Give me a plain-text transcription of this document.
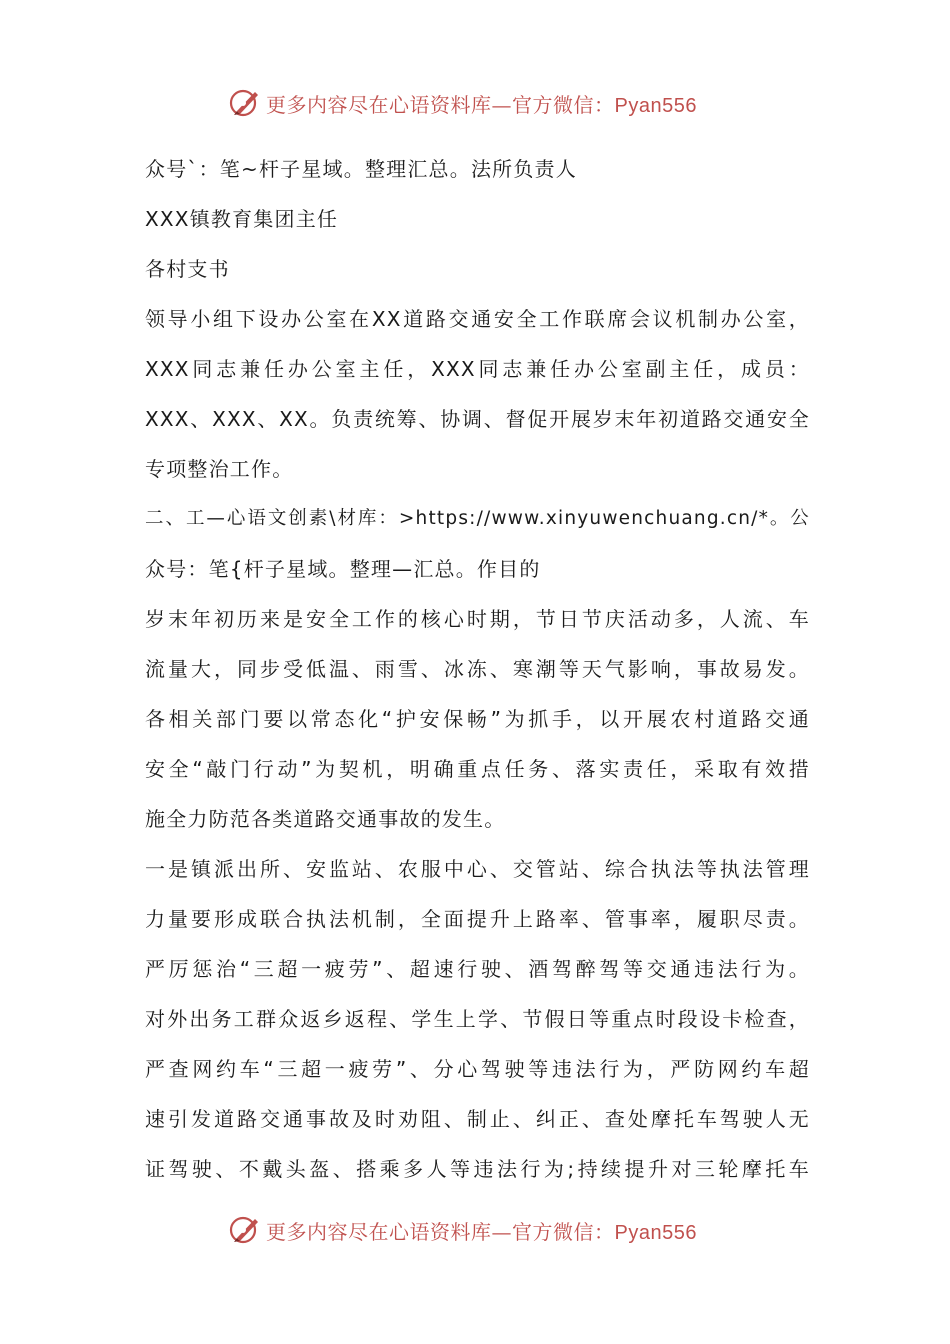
更多内容尽在心语资料库—官方微信：Pyan556
众号`：笔~杆子星域。整理汇总。法所负责人
XXX镇教育集团主任
各村支书
领导小组下设办公室在XX道路交通安全工作联席会议机制办公室，
XXX同志兼任办公室主任，XXX同志兼任办公室副主任，成员：
XXX、XXX、XX。负责统筹、协调、督促开展岁末年初道路交通安全
专项整治工作。
二、工—心语文创素\材库：>https://www.xinyuwenchuang.cn/*。公
众号：笔{杆子星域。整理—汇总。作目的
岁末年初历来是安全工作的核心时期，节日节庆活动多，人流、车
流量大，同步受低温、雨雪、冰冻、寒潮等天气影响，事故易发。
各相关部门要以常态化“护安保畅”为抓手，以开展农村道路交通
安全“敲门行动”为契机，明确重点任务、落实责任，采取有效措
施全力防范各类道路交通事故的发生。
一是镇派出所、安监站、农服中心、交管站、综合执法等执法管理
力量要形成联合执法机制，全面提升上路率、管事率，履职尽责。
严厉惩治“三超一疲劳”、超速行驶、酒驾醉驾等交通违法行为。
对外出务工群众返乡返程、学生上学、节假日等重点时段设卡检查，
严查网约车“三超一疲劳”、分心驾驶等违法行为，严防网约车超
速引发道路交通事故及时劝阻、制止、纠正、查处摩托车驾驶人无
证驾驶、不戴头盔、搭乘多人等违法行为;持续提升对三轮摩托车
更多内容尽在心语资料库—官方微信：Pyan556
